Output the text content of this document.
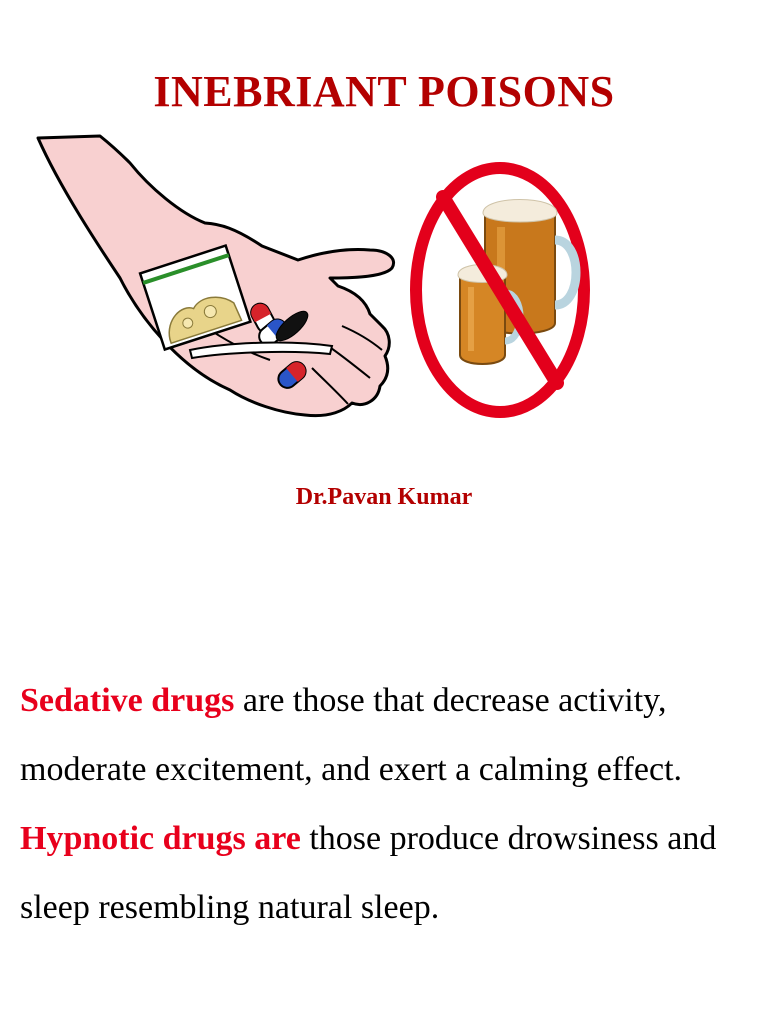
INEBRIANT POISONS
Dr.Pavan Kumar

Sedative drugs are those that decrease activity, moderate excitement, and exert a calming effect.

Hypnotic drugs are those produce drowsiness and sleep resembling natural sleep.
